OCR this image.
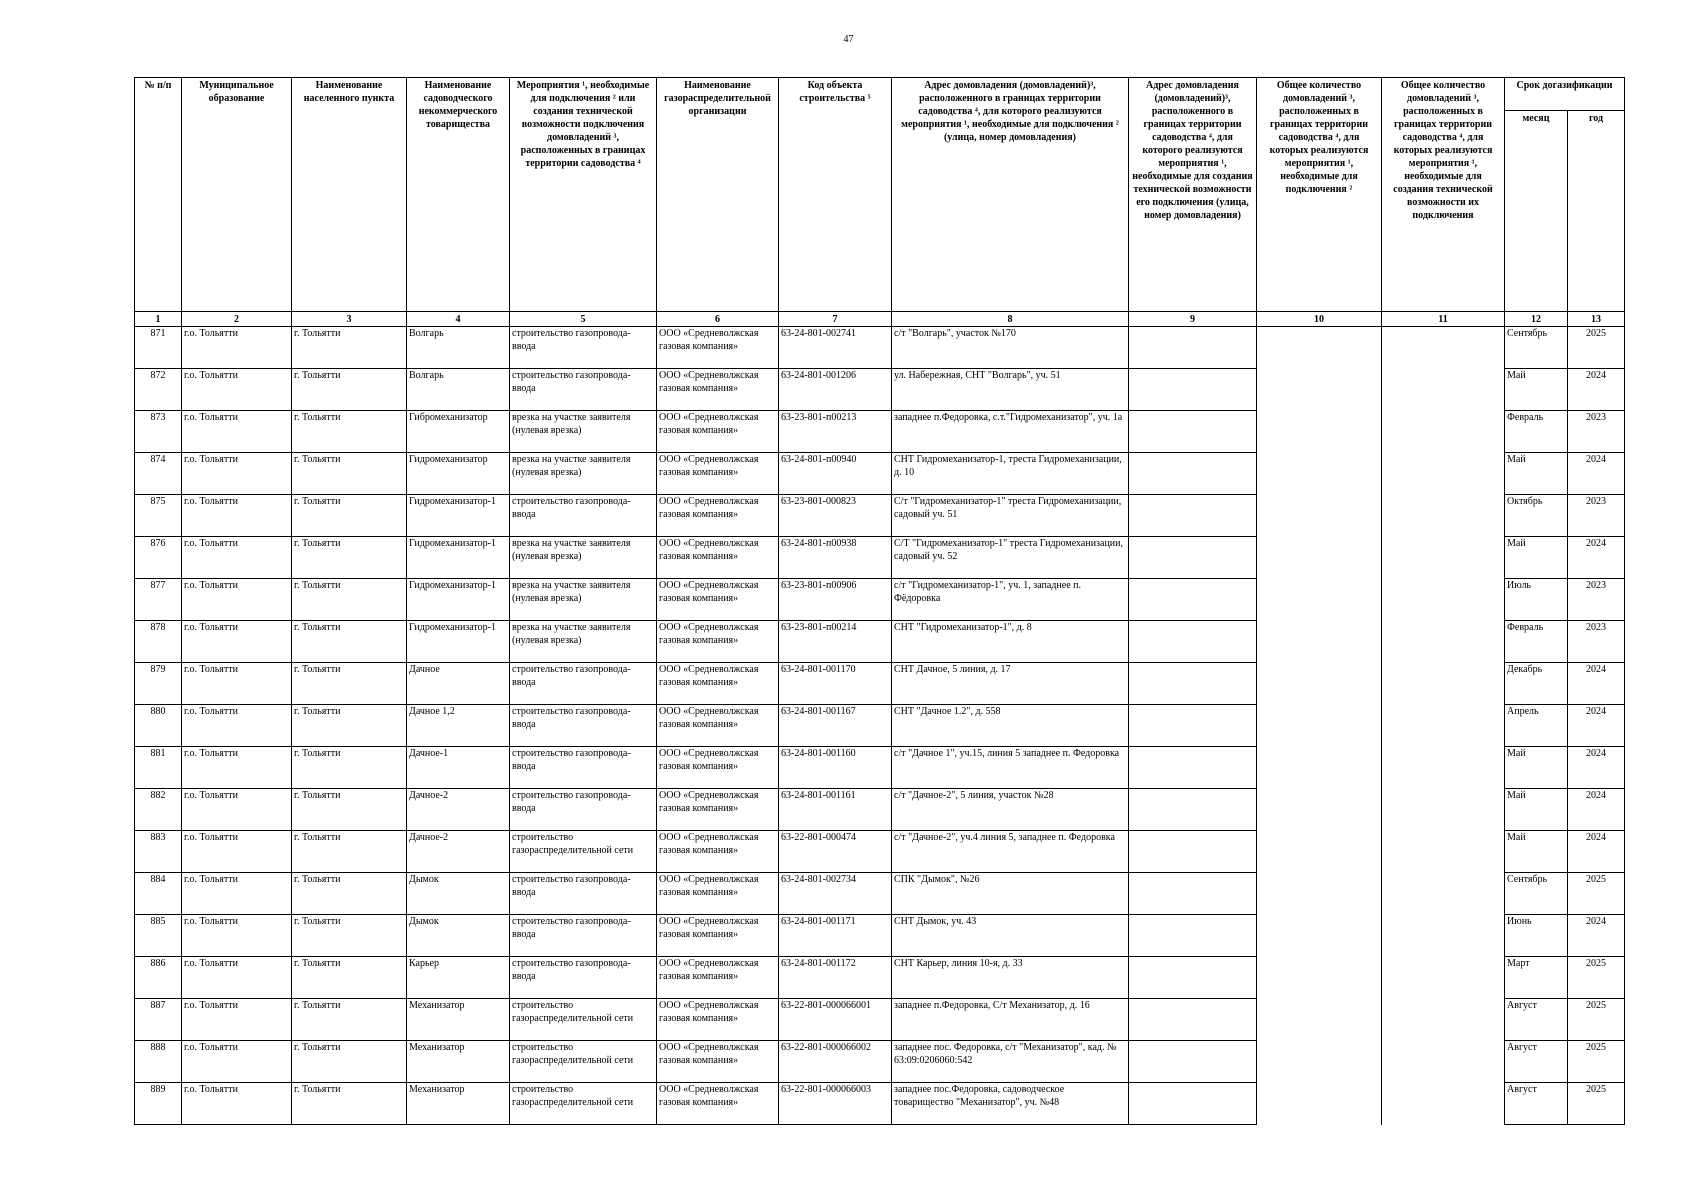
47
№ п/п	Муниципальное образование	Наименование населенного пункта	Наименование садоводческого некоммерческого товарищества	Мероприятия ¹, необходимые для подключения ² или создания технической возможности подключения домовладений ³, расположенных в границах территории садоводства ⁴	Наименование газораспределительной организации	Код объекта строительства ⁵	Адрес домовладения (домовладений)³, расположенного в границах территории садоводства ⁴, для которого реализуются мероприятия ¹, необходимые для подключения ² (улица, номер домовладения)	Адрес домовладения (домовладений)³, расположенного в границах территории садоводства ⁴, для которого реализуются мероприятия ¹, необходимые для создания технической возможности его подключения (улица, номер домовладения)	Общее количество домовладений ³, расположенных в границах территории садоводства ⁴, для которых реализуются мероприятия ¹, необходимые для подключения ²	Общее количество домовладений ³, расположенных в границах территории садоводства ⁴, для которых реализуются мероприятия ¹, необходимые для создания технической возможности их подключения	Срок догазификации	
											месяц	год
1	2	3	4	5	6	7	8	9	10	11	12	13
871	г.о. Тольятти	г. Тольятти	Волгарь	строительство газопровода-ввода	ООО «Средневолжская газовая компания»	63-24-801-002741	с/т "Волгарь", участок №170				Сентябрь	2025
872	г.о. Тольятти	г. Тольятти	Волгарь	строительство газопровода-ввода	ООО «Средневолжская газовая компания»	63-24-801-001206	ул. Набережная, СНТ "Волгарь", уч. 51				Май	2024
873	г.о. Тольятти	г. Тольятти	Гибромеханизатор	врезка на участке заявителя (нулевая врезка)	ООО «Средневолжская газовая компания»	63-23-801-п00213	западнее п.Федоровка, с.т."Гидромеханизатор", уч. 1а				Февраль	2023
874	г.о. Тольятти	г. Тольятти	Гидромеханизатор	врезка на участке заявителя (нулевая врезка)	ООО «Средневолжская газовая компания»	63-24-801-п00940	СНТ Гидромеханизатор-1, треста Гидромеханизации, д. 10				Май	2024
875	г.о. Тольятти	г. Тольятти	Гидромеханизатор-1	строительство газопровода-ввода	ООО «Средневолжская газовая компания»	63-23-801-000823	С/т "Гидромеханизатор-1" треста Гидромеханизации, садовый уч. 51				Октябрь	2023
876	г.о. Тольятти	г. Тольятти	Гидромеханизатор-1	врезка на участке заявителя (нулевая врезка)	ООО «Средневолжская газовая компания»	63-24-801-п00938	С/Т "Гидромеханизатор-1" треста Гидромеханизации, садовый уч. 52				Май	2024
877	г.о. Тольятти	г. Тольятти	Гидромеханизатор-1	врезка на участке заявителя (нулевая врезка)	ООО «Средневолжская газовая компания»	63-23-801-п00906	с/т "Гидромеханизатор-1", уч. 1, западнее п. Фёдоровка				Июль	2023
878	г.о. Тольятти	г. Тольятти	Гидромеханизатор-1	врезка на участке заявителя (нулевая врезка)	ООО «Средневолжская газовая компания»	63-23-801-п00214	СНТ "Гидромеханизатор-1", д. 8				Февраль	2023
879	г.о. Тольятти	г. Тольятти	Дачное	строительство газопровода-ввода	ООО «Средневолжская газовая компания»	63-24-801-001170	СНТ Дачное, 5 линия, д. 17				Декабрь	2024
880	г.о. Тольятти	г. Тольятти	Дачное 1,2	строительство газопровода-ввода	ООО «Средневолжская газовая компания»	63-24-801-001167	СНТ "Дачное 1.2", д. 558				Апрель	2024
881	г.о. Тольятти	г. Тольятти	Дачное-1	строительство газопровода-ввода	ООО «Средневолжская газовая компания»	63-24-801-001160	с/т "Дачное 1", уч.15, линия 5 западнее п. Федоровка				Май	2024
882	г.о. Тольятти	г. Тольятти	Дачное-2	строительство газопровода-ввода	ООО «Средневолжская газовая компания»	63-24-801-001161	с/т "Дачное-2", 5 линия, участок №28				Май	2024
883	г.о. Тольятти	г. Тольятти	Дачное-2	строительство газораспределительной сети	ООО «Средневолжская газовая компания»	63-22-801-000474	с/т "Дачное-2", уч.4 линия 5, западнее п. Федоровка				Май	2024
884	г.о. Тольятти	г. Тольятти	Дымок	строительство газопровода-ввода	ООО «Средневолжская газовая компания»	63-24-801-002734	СПК "Дымок", №26				Сентябрь	2025
885	г.о. Тольятти	г. Тольятти	Дымок	строительство газопровода-ввода	ООО «Средневолжская газовая компания»	63-24-801-001171	СНТ Дымок, уч. 43				Июнь	2024
886	г.о. Тольятти	г. Тольятти	Карьер	строительство газопровода-ввода	ООО «Средневолжская газовая компания»	63-24-801-001172	СНТ Карьер, линия 10-я, д. 33				Март	2025
887	г.о. Тольятти	г. Тольятти	Механизатор	строительство газораспределительной сети	ООО «Средневолжская газовая компания»	63-22-801-000066001	западнее п.Федоровка, С/т Механизатор, д. 16				Август	2025
888	г.о. Тольятти	г. Тольятти	Механизатор	строительство газораспределительной сети	ООО «Средневолжская газовая компания»	63-22-801-000066002	западнее пос. Федоровка, с/т "Механизатор", кад. № 63:09:0206060:542				Август	2025
889	г.о. Тольятти	г. Тольятти	Механизатор	строительство газораспределительной сети	ООО «Средневолжская газовая компания»	63-22-801-000066003	западнее пос.Федоровка, садоводческое товарищество "Механизатор", уч. №48				Август	2025
